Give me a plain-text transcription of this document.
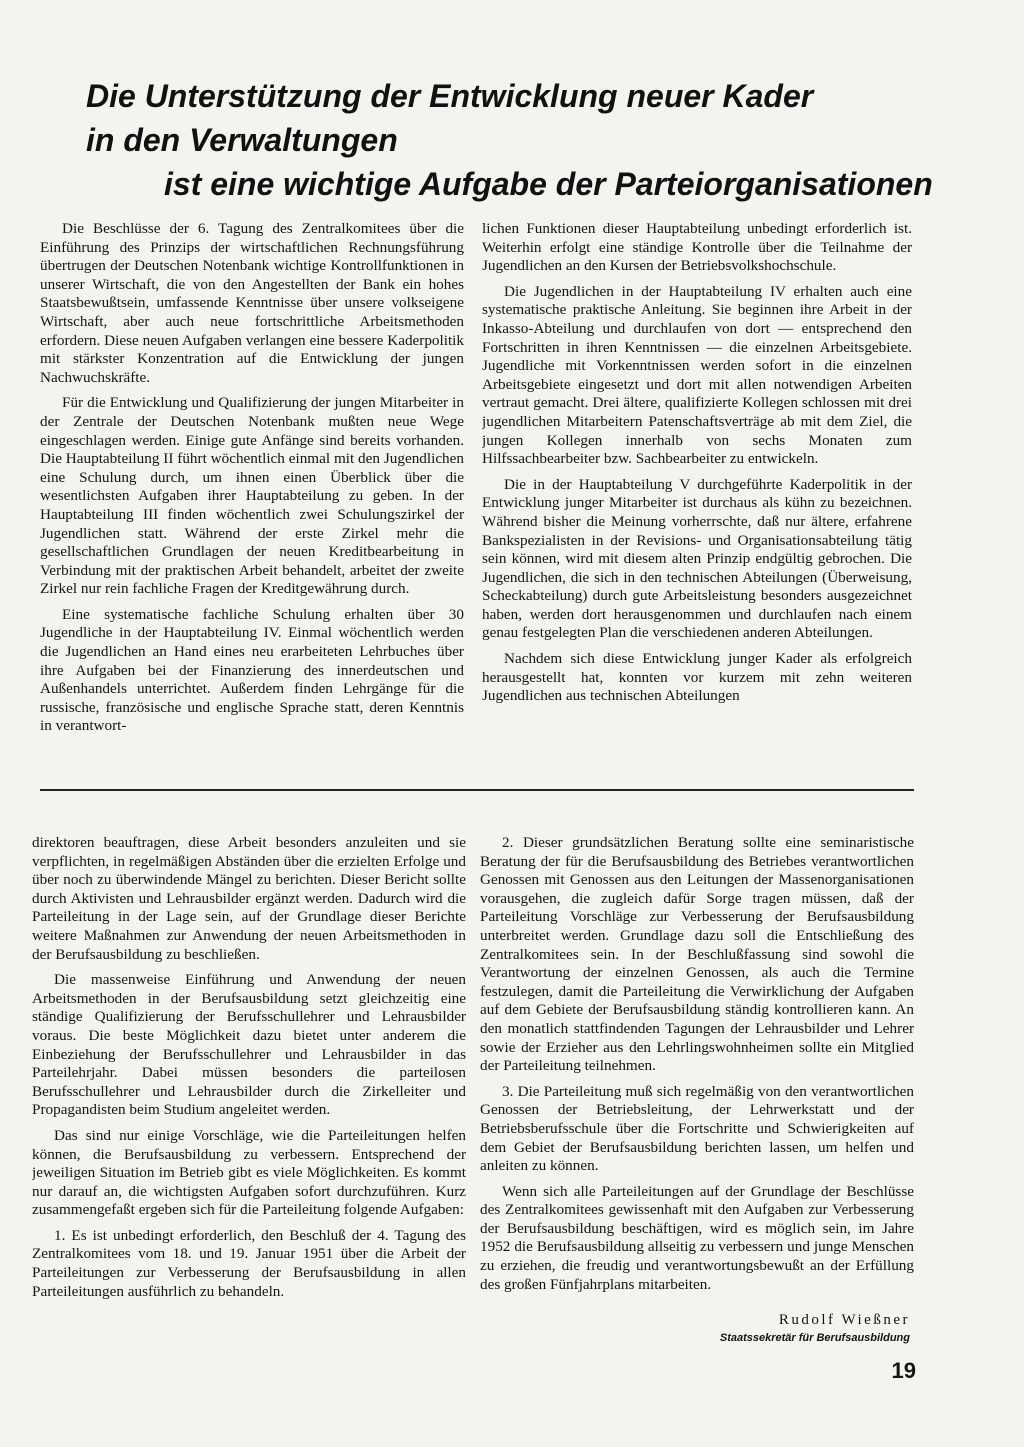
Die Unterstützung der Entwicklung neuer Kader
in den Verwaltungen
ist eine wichtige Aufgabe der Parteiorganisationen

Die Beschlüsse der 6. Tagung des Zentralkomitees über die Einführung des Prinzips der wirtschaftlichen Rechnungsführung übertrugen der Deutschen Notenbank wichtige Kontrollfunktionen in unserer Wirtschaft, die von den Angestellten der Bank ein hohes Staatsbewußtsein, umfassende Kenntnisse über unsere volkseigene Wirtschaft, aber auch neue fortschrittliche Arbeitsmethoden erfordern. Diese neuen Aufgaben verlangen eine bessere Kaderpolitik mit stärkster Konzentration auf die Entwicklung der jungen Nachwuchskräfte.

Für die Entwicklung und Qualifizierung der jungen Mitarbeiter in der Zentrale der Deutschen Notenbank mußten neue Wege eingeschlagen werden. Einige gute Anfänge sind bereits vorhanden. Die Hauptabteilung II führt wöchentlich einmal mit den Jugendlichen eine Schulung durch, um ihnen einen Überblick über die wesentlichsten Aufgaben ihrer Hauptabteilung zu geben. In der Hauptabteilung III finden wöchentlich zwei Schulungszirkel der Jugendlichen statt. Während der erste Zirkel mehr die gesellschaftlichen Grundlagen der neuen Kreditbearbeitung in Verbindung mit der praktischen Arbeit behandelt, arbeitet der zweite Zirkel nur rein fachliche Fragen der Kreditgewährung durch.

Eine systematische fachliche Schulung erhalten über 30 Jugendliche in der Hauptabteilung IV. Einmal wöchentlich werden die Jugendlichen an Hand eines neu erarbeiteten Lehrbuches über ihre Aufgaben bei der Finanzierung des innerdeutschen und Außenhandels unterrichtet. Außerdem finden Lehrgänge für die russische, französische und englische Sprache statt, deren Kenntnis in verantwort-

lichen Funktionen dieser Hauptabteilung unbedingt erforderlich ist. Weiterhin erfolgt eine ständige Kontrolle über die Teilnahme der Jugendlichen an den Kursen der Betriebsvolkshochschule.

Die Jugendlichen in der Hauptabteilung IV erhalten auch eine systematische praktische Anleitung. Sie beginnen ihre Arbeit in der Inkasso-Abteilung und durchlaufen von dort — entsprechend den Fortschritten in ihren Kenntnissen — die einzelnen Arbeitsgebiete. Jugendliche mit Vorkenntnissen werden sofort in die einzelnen Arbeitsgebiete eingesetzt und dort mit allen notwendigen Arbeiten vertraut gemacht. Drei ältere, qualifizierte Kollegen schlossen mit drei jugendlichen Mitarbeitern Patenschaftsverträge ab mit dem Ziel, die jungen Kollegen innerhalb von sechs Monaten zum Hilfssachbearbeiter bzw. Sachbearbeiter zu entwickeln.

Die in der Hauptabteilung V durchgeführte Kaderpolitik in der Entwicklung junger Mitarbeiter ist durchaus als kühn zu bezeichnen. Während bisher die Meinung vorherrschte, daß nur ältere, erfahrene Bankspezialisten in der Revisions- und Organisationsabteilung tätig sein können, wird mit diesem alten Prinzip endgültig gebrochen. Die Jugendlichen, die sich in den technischen Abteilungen (Überweisung, Scheckabteilung) durch gute Arbeitsleistung besonders ausgezeichnet haben, werden dort herausgenommen und durchlaufen nach einem genau festgelegten Plan die verschiedenen anderen Abteilungen.

Nachdem sich diese Entwicklung junger Kader als erfolgreich herausgestellt hat, konnten vor kurzem mit zehn weiteren Jugendlichen aus technischen Abteilungen

direktoren beauftragen, diese Arbeit besonders anzuleiten und sie verpflichten, in regelmäßigen Abständen über die erzielten Erfolge und über noch zu überwindende Mängel zu berichten. Dieser Bericht sollte durch Aktivisten und Lehrausbilder ergänzt werden. Dadurch wird die Parteileitung in der Lage sein, auf der Grundlage dieser Berichte weitere Maßnahmen zur Anwendung der neuen Arbeitsmethoden in der Berufsausbildung zu beschließen.

Die massenweise Einführung und Anwendung der neuen Arbeitsmethoden in der Berufsausbildung setzt gleichzeitig eine ständige Qualifizierung der Berufsschullehrer und Lehrausbilder voraus. Die beste Möglichkeit dazu bietet unter anderem die Einbeziehung der Berufsschullehrer und Lehrausbilder in das Parteilehrjahr. Dabei müssen besonders die parteilosen Berufsschullehrer und Lehrausbilder durch die Zirkelleiter und Propagandisten beim Studium angeleitet werden.

Das sind nur einige Vorschläge, wie die Parteileitungen helfen können, die Berufsausbildung zu verbessern. Entsprechend der jeweiligen Situation im Betrieb gibt es viele Möglichkeiten. Es kommt nur darauf an, die wichtigsten Aufgaben sofort durchzuführen. Kurz zusammengefaßt ergeben sich für die Parteileitung folgende Aufgaben:

1. Es ist unbedingt erforderlich, den Beschluß der 4. Tagung des Zentralkomitees vom 18. und 19. Januar 1951 über die Arbeit der Parteileitungen zur Verbesserung der Berufsausbildung in allen Parteileitungen ausführlich zu behandeln.

2. Dieser grundsätzlichen Beratung sollte eine seminaristische Beratung der für die Berufsausbildung des Betriebes verantwortlichen Genossen mit Genossen aus den Leitungen der Massenorganisationen vorausgehen, die zugleich dafür Sorge tragen müssen, daß der Parteileitung Vorschläge zur Verbesserung der Berufsausbildung unterbreitet werden. Grundlage dazu soll die Entschließung des Zentralkomitees sein. In der Beschlußfassung sind sowohl die Verantwortung der einzelnen Genossen, als auch die Termine festzulegen, damit die Parteileitung die Verwirklichung der Aufgaben auf dem Gebiete der Berufsausbildung ständig kontrollieren kann. An den monatlich stattfindenden Tagungen der Lehrausbilder und Lehrer sowie der Erzieher aus den Lehrlingswohnheimen sollte ein Mitglied der Parteileitung teilnehmen.

3. Die Parteileitung muß sich regelmäßig von den verantwortlichen Genossen der Betriebsleitung, der Lehrwerkstatt und der Betriebsberufsschule über die Fortschritte und Schwierigkeiten auf dem Gebiet der Berufsausbildung berichten lassen, um helfen und anleiten zu können.

Wenn sich alle Parteileitungen auf der Grundlage der Beschlüsse des Zentralkomitees gewissenhaft mit den Aufgaben zur Verbesserung der Berufsausbildung beschäftigen, wird es möglich sein, im Jahre 1952 die Berufsausbildung allseitig zu verbessern und junge Menschen zu erziehen, die freudig und verantwortungsbewußt an der Erfüllung des großen Fünfjahrplans mitarbeiten.

Rudolf Wießner
Staatssekretär für Berufsausbildung
19
